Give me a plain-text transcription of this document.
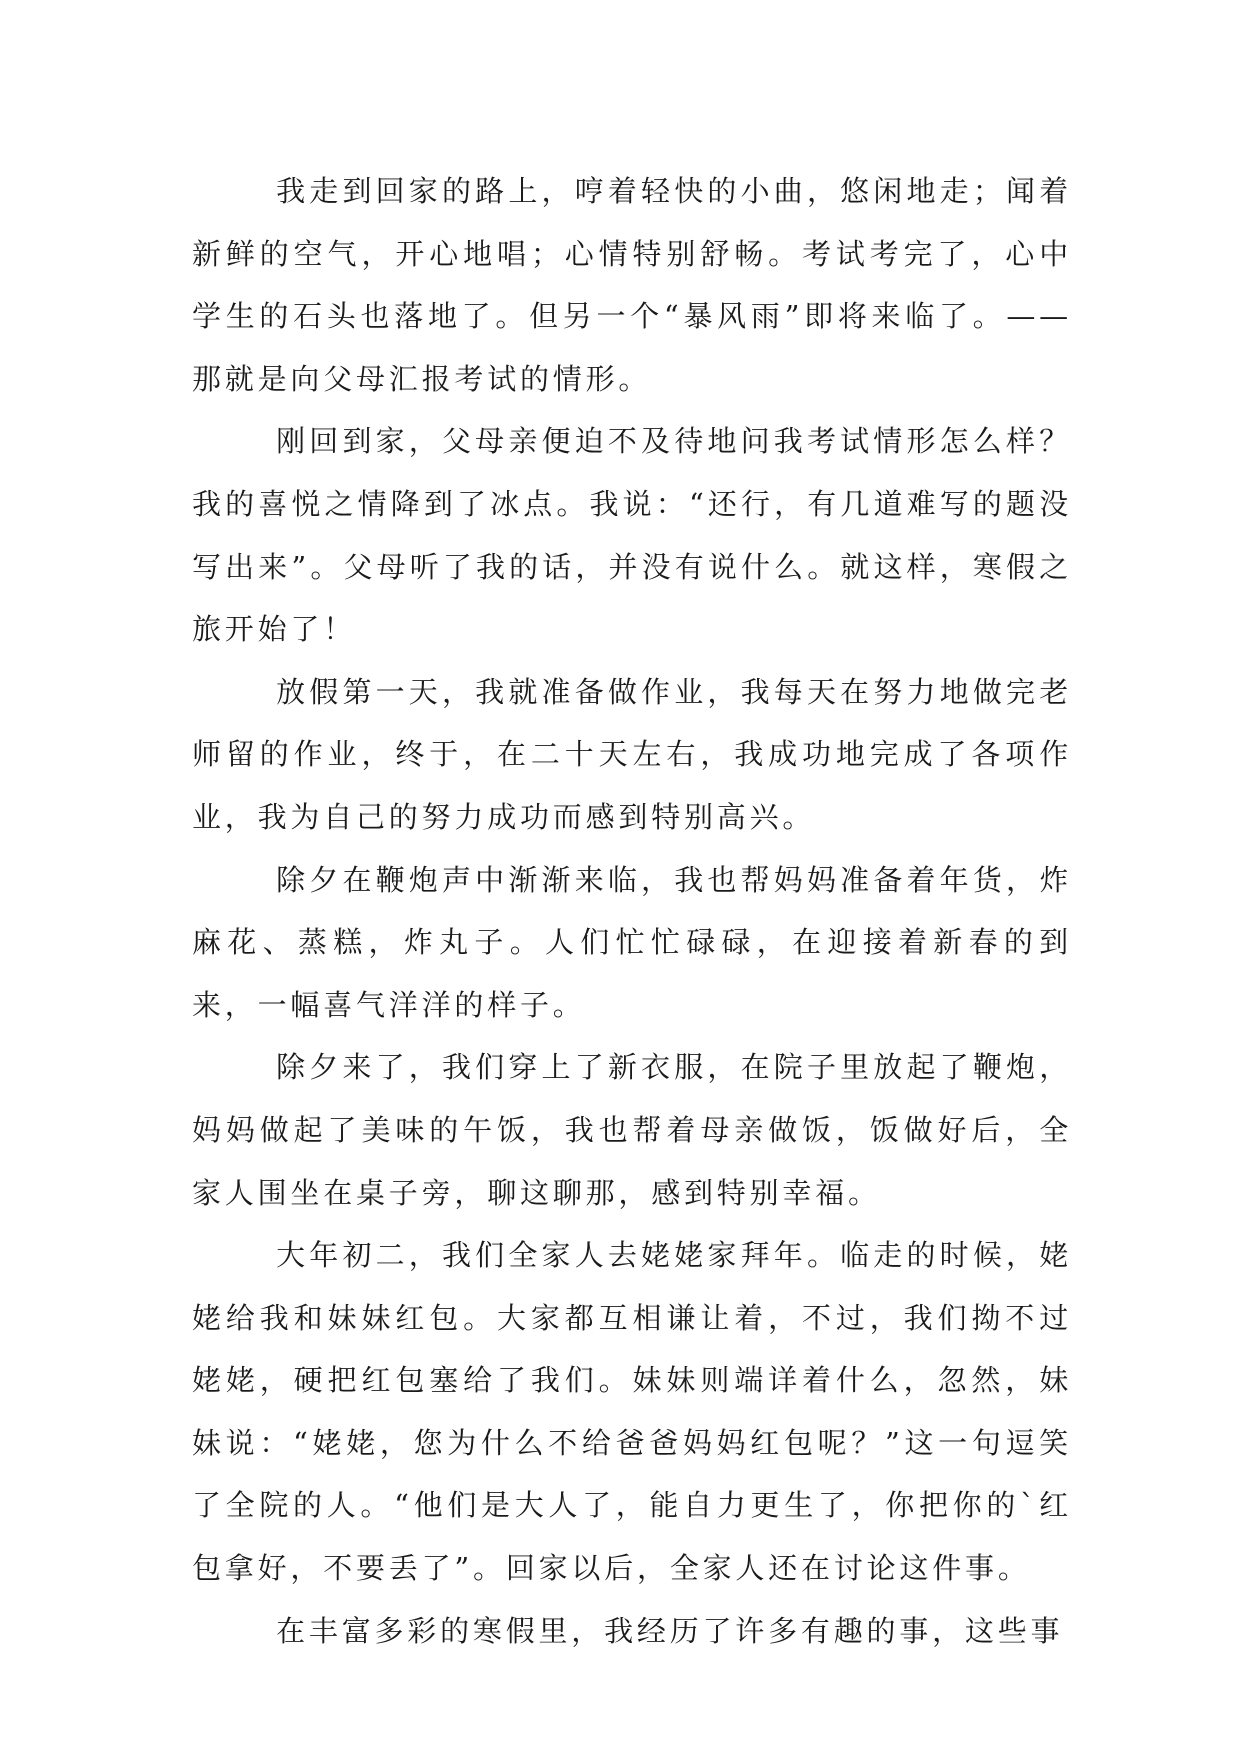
我走到回家的路上，哼着轻快的小曲，悠闲地走；闻着新鲜的空气，开心地唱；心情特别舒畅。考试考完了，心中学生的石头也落地了。但另一个“暴风雨”即将来临了。——那就是向父母汇报考试的情形。

刚回到家，父母亲便迫不及待地问我考试情形怎么样？我的喜悦之情降到了冰点。我说：“还行，有几道难写的题没写出来”。父母听了我的话，并没有说什么。就这样，寒假之旅开始了！

放假第一天，我就准备做作业，我每天在努力地做完老师留的作业，终于，在二十天左右，我成功地完成了各项作业，我为自己的努力成功而感到特别高兴。

除夕在鞭炮声中渐渐来临，我也帮妈妈准备着年货，炸麻花、蒸糕，炸丸子。人们忙忙碌碌，在迎接着新春的到来，一幅喜气洋洋的样子。

除夕来了，我们穿上了新衣服，在院子里放起了鞭炮，妈妈做起了美味的午饭，我也帮着母亲做饭，饭做好后，全家人围坐在桌子旁，聊这聊那，感到特别幸福。

大年初二，我们全家人去姥姥家拜年。临走的时候，姥姥给我和妹妹红包。大家都互相谦让着，不过，我们拗不过姥姥，硬把红包塞给了我们。妹妹则端详着什么，忽然，妹妹说：“姥姥，您为什么不给爸爸妈妈红包呢？”这一句逗笑了全院的人。“他们是大人了，能自力更生了，你把你的`红包拿好，不要丢了”。回家以后，全家人还在讨论这件事。

在丰富多彩的寒假里，我经历了许多有趣的事，这些事
